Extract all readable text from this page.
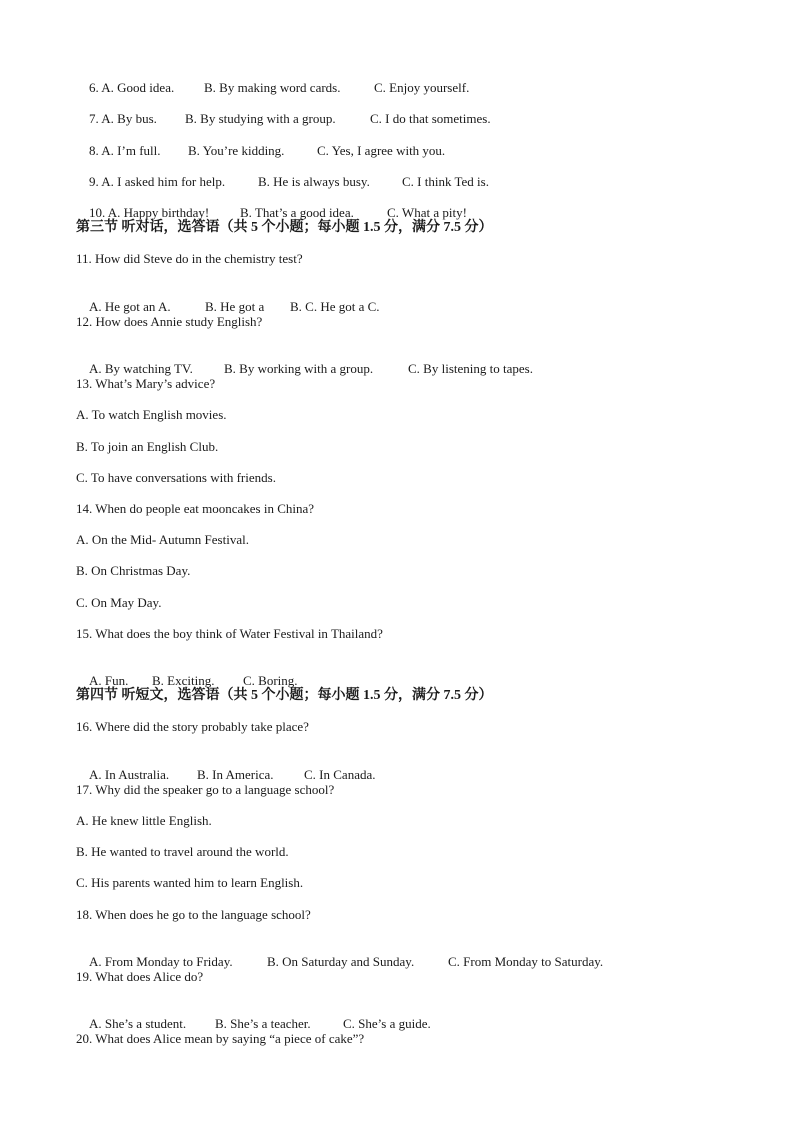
6. A. Good idea. B. By making word cards.	C. Enjoy yourself.

7. A. By bus. B. By studying with a group.	C. I do that sometimes.

8. A. I’m full. B. You’re kidding.	C. Yes, I agree with you.

9. A. I asked him for help.	B. He is always busy. C. I think Ted is.

10. A. Happy birthday! B. That’s a good idea.	C. What a pity!

第三节 听对话，选答语（共 5 个小题；每小题 1.5 分，满分 7.5 分）
11. How did Steve do in the chemistry test?

A. He got an A.	B. He got a B. C. He got a C.

12. How does Annie study English?

A. By watching TV. B. By working with a group.	C. By listening to tapes.

13. What’s Mary’s advice?
A. To watch English movies.
B. To join an English Club.
C. To have conversations with friends.
14. When do people eat mooncakes in China?
A. On the Mid- Autumn Festival.
B. On Christmas Day.
C. On May Day.
15. What does the boy think of Water Festival in Thailand?

A. Fun. B. Exciting. C. Boring.

第四节 听短文，选答语（共 5 个小题；每小题 1.5 分，满分 7.5 分）
16. Where did the story probably take place?

A. In Australia. B. In America. C. In Canada.

17. Why did the speaker go to a language school?
A. He knew little English.
B. He wanted to travel around the world.
C. His parents wanted him to learn English.
18. When does he go to the language school?

A. From Monday to Friday.	B. On Saturday and Sunday.	C. From Monday to Saturday.

19. What does Alice do?

A. She’s a student. B. She’s a teacher. C. She’s a guide.

20. What does Alice mean by saying “a piece of cake”?
